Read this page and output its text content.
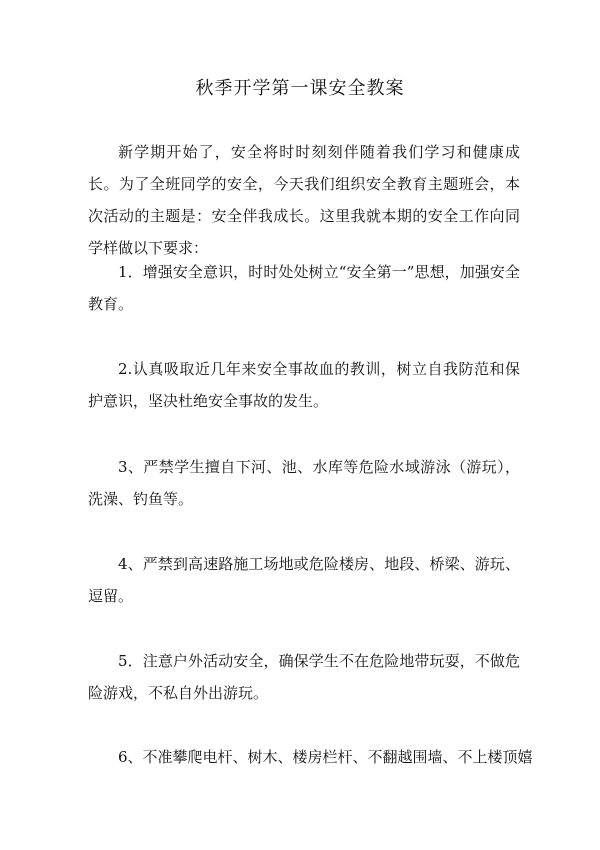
秋季开学第一课安全教案

新学期开始了，安全将时时刻刻伴随着我们学习和健康成长。为了全班同学的安全，今天我们组织安全教育主题班会，本次活动的主题是：安全伴我成长。这里我就本期的安全工作向同学样做以下要求：

1．增强安全意识，时时处处树立“安全第一”思想，加强安全教育。

2.认真吸取近几年来安全事故血的教训，树立自我防范和保护意识，坚决杜绝安全事故的发生。

3、严禁学生擅自下河、池、水库等危险水域游泳（游玩），洗澡、钓鱼等。

4、严禁到高速路施工场地或危险楼房、地段、桥梁、游玩、逗留。

5．注意户外活动安全，确保学生不在危险地带玩耍，不做危险游戏，不私自外出游玩。

6、不准攀爬电杆、树木、楼房栏杆、不翻越围墙、不上楼顶嬉
